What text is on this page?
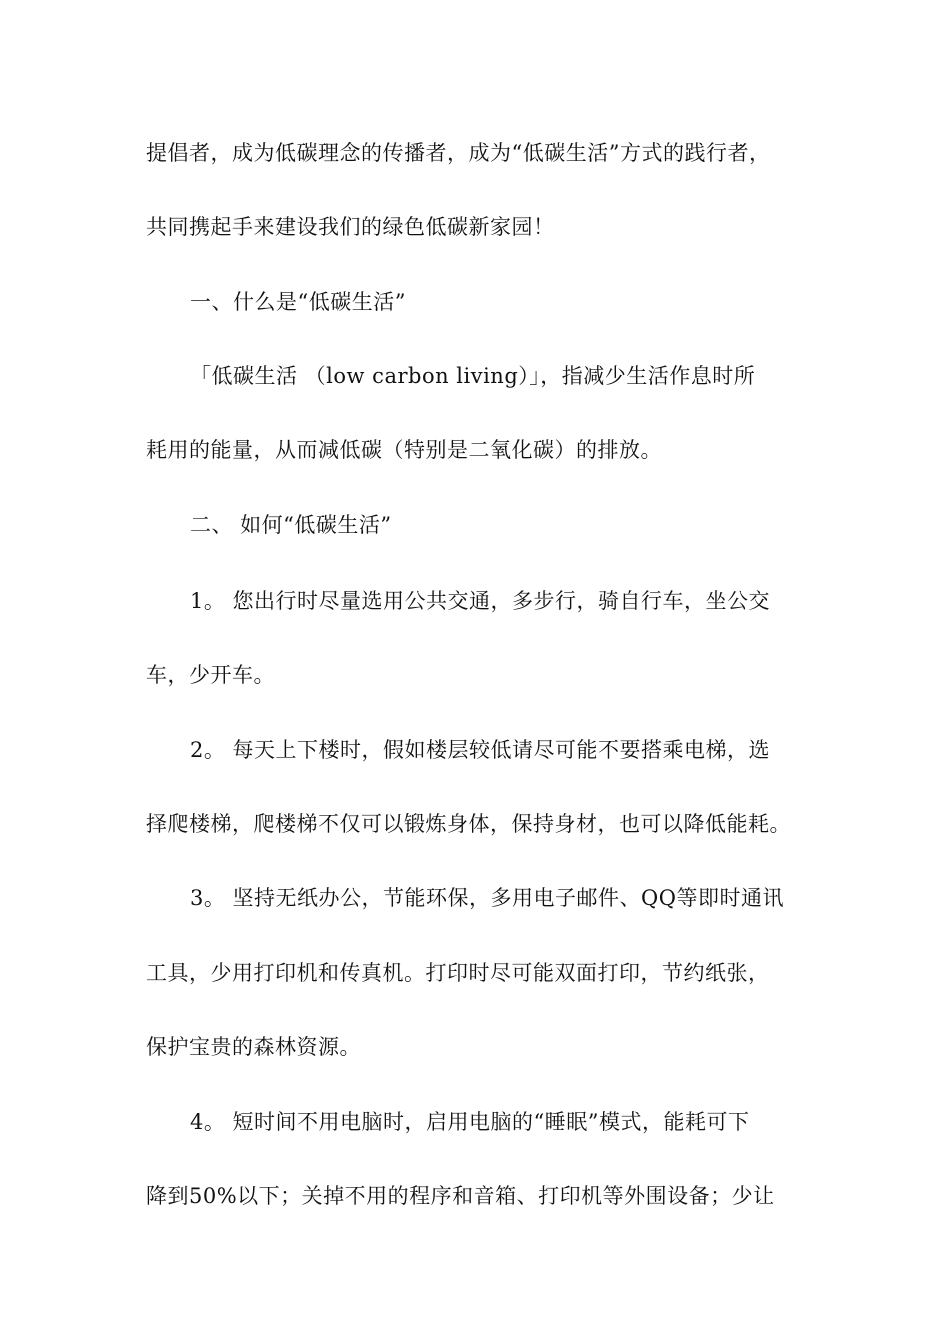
提倡者，成为低碳理念的传播者，成为“低碳生活”方式的践行者，
共同携起手来建设我们的绿色低碳新家园！
一、什么是“低碳生活”
「低碳生活 （low carbon living）」，指减少生活作息时所
耗用的能量，从而减低碳（特别是二氧化碳）的排放。
二、 如何“低碳生活”
1。 您出行时尽量选用公共交通，多步行，骑自行车，坐公交
车，少开车。
2。 每天上下楼时，假如楼层较低请尽可能不要搭乘电梯，选
择爬楼梯，爬楼梯不仅可以锻炼身体，保持身材，也可以降低能耗。
3。 坚持无纸办公，节能环保，多用电子邮件、QQ等即时通讯
工具，少用打印机和传真机。打印时尽可能双面打印，节约纸张，
保护宝贵的森林资源。
4。 短时间不用电脑时，启用电脑的“睡眠”模式，能耗可下
降到50%以下；关掉不用的程序和音箱、打印机等外围设备；少让
